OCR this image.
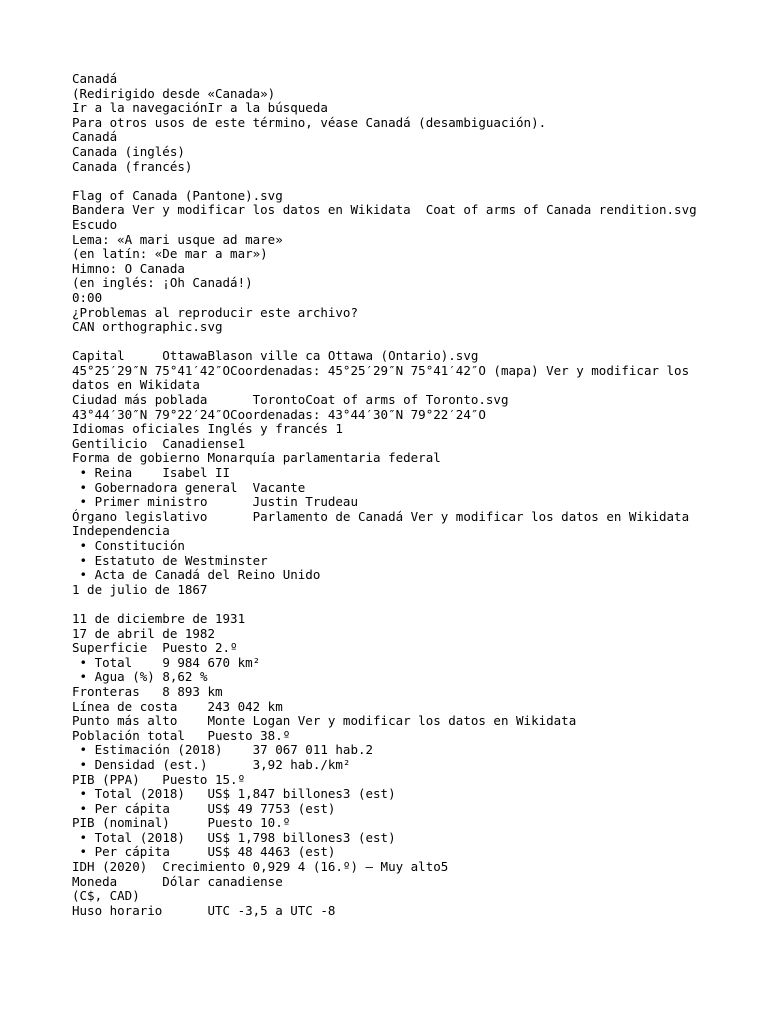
Canadá
(Redirigido desde «Canada»)
Ir a la navegaciónIr a la búsqueda
Para otros usos de este término, véase Canadá (desambiguación).
Canadá
Canada (inglés)
Canada (francés)
Flag of Canada (Pantone).svg
Bandera Ver y modificar los datos en Wikidata  Coat of arms of Canada rendition.svg
Escudo
Lema: «A mari usque ad mare»
(en latín: «De mar a mar»)
Himno: O Canada
(en inglés: ¡Oh Canadá!)
0:00
¿Problemas al reproducir este archivo?
CAN orthographic.svg
Capital     OttawaBlason ville ca Ottawa (Ontario).svg
45°25′29″N 75°41′42″OCoordenadas: 45°25′29″N 75°41′42″O (mapa) Ver y modificar los datos en Wikidata
Ciudad más poblada      TorontoCoat of arms of Toronto.svg
43°44′30″N 79°22′24″OCoordenadas: 43°44′30″N 79°22′24″O
Idiomas oficiales Inglés y francés 1
Gentilicio  Canadiense1
Forma de gobierno Monarquía parlamentaria federal
• Reina    Isabel II
• Gobernadora general  Vacante
• Primer ministro      Justin Trudeau
Órgano legislativo      Parlamento de Canadá Ver y modificar los datos en Wikidata
Independencia
• Constitución
• Estatuto de Westminster
• Acta de Canadá del Reino Unido
1 de julio de 1867
11 de diciembre de 1931
17 de abril de 1982
Superficie  Puesto 2.º
• Total    9 984 670 km²
• Agua (%) 8,62 %
Fronteras   8 893 km
Línea de costa    243 042 km
Punto más alto    Monte Logan Ver y modificar los datos en Wikidata
Población total   Puesto 38.º
• Estimación (2018)    37 067 011 hab.2
• Densidad (est.)      3,92 hab./km²
PIB (PPA)   Puesto 15.º
• Total (2018)   US$ 1,847 billones3 (est)
• Per cápita     US$ 49 7753 (est)
PIB (nominal)     Puesto 10.º
• Total (2018)   US$ 1,798 billones3 (est)
• Per cápita     US$ 48 4463 (est)
IDH (2020)  Crecimiento 0,929 4 (16.º) – Muy alto5
Moneda      Dólar canadiense
(C$, CAD)
Huso horario      UTC -3,5 a UTC -8
